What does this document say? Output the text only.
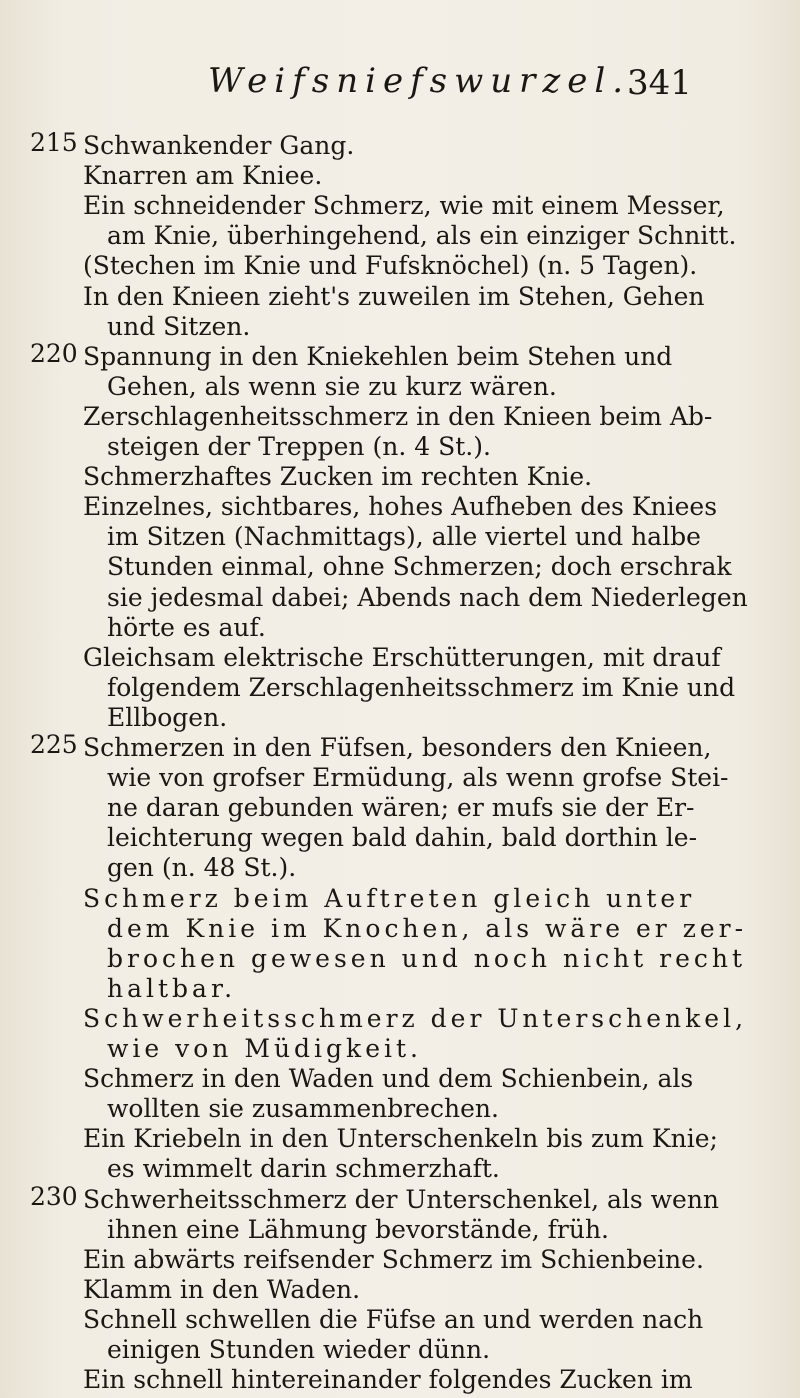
Weifsniefswurzel.
341
215 Schwankender Gang.
Knarren am Kniee.
Ein schneidender Schmerz, wie mit einem Messer,
am Knie, überhingehend, als ein einziger Schnitt.
(Stechen im Knie und Fufsknöchel) (n. 5 Tagen).
In den Knieen zieht's zuweilen im Stehen, Gehen
und Sitzen.
220 Spannung in den Kniekehlen beim Stehen und
Gehen, als wenn sie zu kurz wären.
Zerschlagenheitsschmerz in den Knieen beim Ab-
steigen der Treppen (n. 4 St.).
Schmerzhaftes Zucken im rechten Knie.
Einzelnes, sichtbares, hohes Aufheben des Kniees
im Sitzen (Nachmittags), alle viertel und halbe
Stunden einmal, ohne Schmerzen; doch erschrak
sie jedesmal dabei; Abends nach dem Niederlegen
hörte es auf.
Gleichsam elektrische Erschütterungen, mit drauf
folgendem Zerschlagenheitsschmerz im Knie und
Ellbogen.
225 Schmerzen in den Füfsen, besonders den Knieen,
wie von grofser Ermüdung, als wenn grofse Stei-
ne daran gebunden wären; er mufs sie der Er-
leichterung wegen bald dahin, bald dorthin le-
gen (n. 48 St.).
Schmerz beim Auftreten gleich unter
dem Knie im Knochen, als wäre er zer-
brochen gewesen und noch nicht recht
haltbar.
Schwerheitsschmerz der Unterschenkel,
wie von Müdigkeit.
Schmerz in den Waden und dem Schienbein, als
wollten sie zusammenbrechen.
Ein Kriebeln in den Unterschenkeln bis zum Knie;
es wimmelt darin schmerzhaft.
230 Schwerheitsschmerz der Unterschenkel, als wenn
ihnen eine Lähmung bevorstände, früh.
Ein abwärts reifsender Schmerz im Schienbeine.
Klamm in den Waden.
Schnell schwellen die Füfse an und werden nach
einigen Stunden wieder dünn.
Ein schnell hintereinander folgendes Zucken im
